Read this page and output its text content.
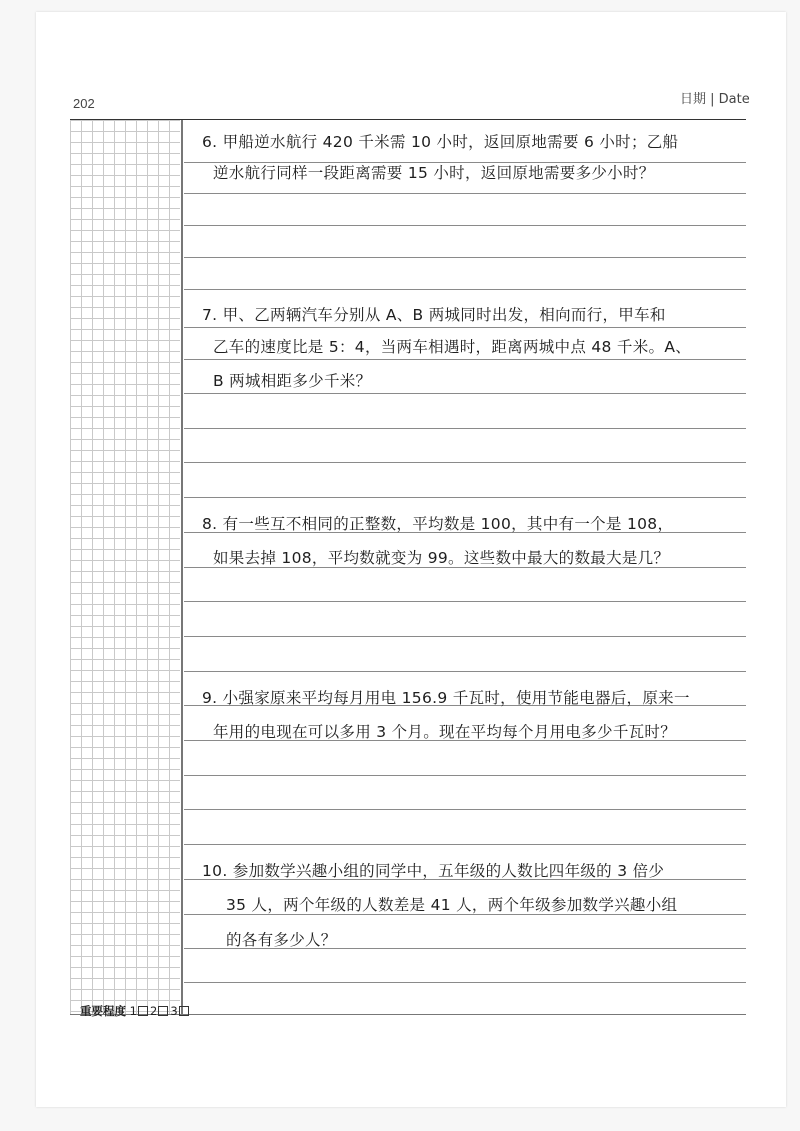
202	日期 | Date
6. 甲船逆水航行 420 千米需 10 小时，返回原地需要 6 小时；乙船
逆水航行同样一段距离需要 15 小时，返回原地需要多少小时？
7. 甲、乙两辆汽车分别从 A、B 两城同时出发，相向而行，甲车和
乙车的速度比是 5：4，当两车相遇时，距离两城中点 48 千米。A、
B 两城相距多少千米？
8. 有一些互不相同的正整数，平均数是 100，其中有一个是 108，
如果去掉 108，平均数就变为 99。这些数中最大的数最大是几？
9. 小强家原来平均每月用电 156.9 千瓦时，使用节能电器后，原来一
年用的电现在可以多用 3 个月。现在平均每个月用电多少千瓦时？
10. 参加数学兴趣小组的同学中，五年级的人数比四年级的 3 倍少
35 人，两个年级的人数差是 41 人，两个年级参加数学兴趣小组
的各有多少人？
重要程度 1 2 3
